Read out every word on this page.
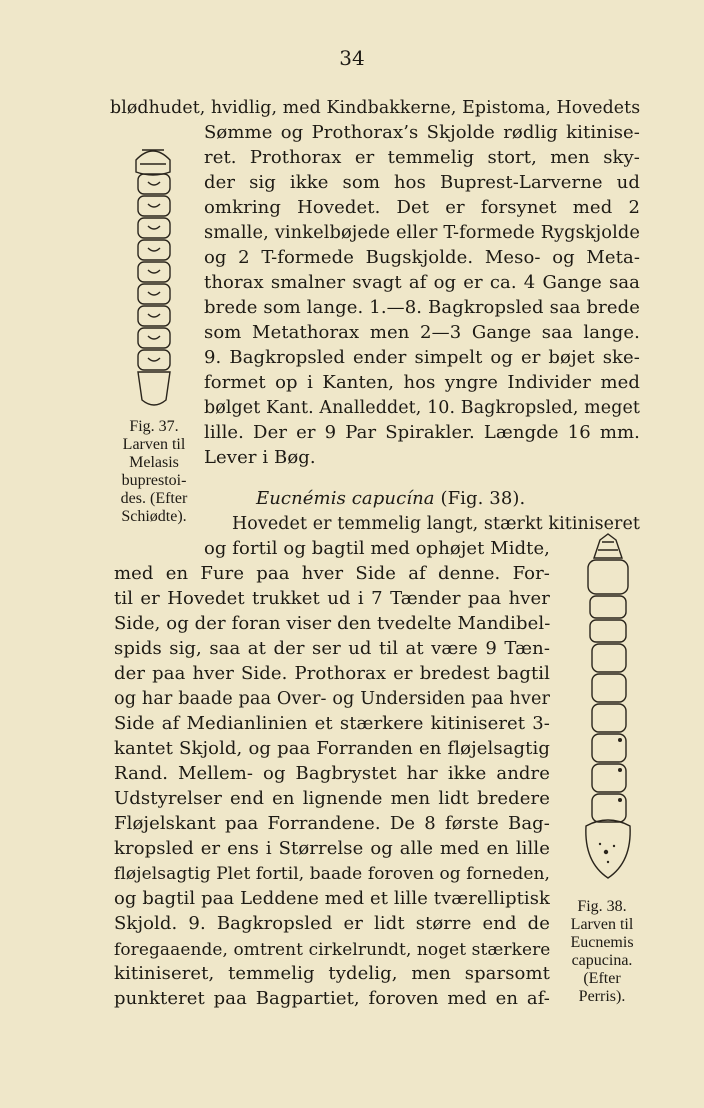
34
Fig. 37.
Larven til
Melasis
buprestoi-
des. (Efter
Schiødte).
Fig. 38.
Larven til
Eucnemis
capucina.
(Efter
Perris).
blødhudet, hvidlig, med Kindbakkerne, Epistoma, Hovedets
Sømme og Prothorax’s Skjolde rødlig kitinise-
ret. Prothorax er temmelig stort, men sky-
der sig ikke som hos Buprest-Larverne ud
omkring Hovedet. Det er forsynet med 2
smalle, vinkelbøjede eller T-formede Rygskjolde
og 2 T-formede Bugskjolde. Meso- og Meta-
thorax smalner svagt af og er ca. 4 Gange saa
brede som lange. 1.—8. Bagkropsled saa brede
som Metathorax men 2—3 Gange saa lange.
9. Bagkropsled ender simpelt og er bøjet ske-
formet op i Kanten, hos yngre Individer med
bølget Kant. Analleddet, 10. Bagkropsled, meget
lille. Der er 9 Par Spirakler. Længde 16 mm.
Lever i Bøg.
Eucnémis capucína (Fig. 38).
Hovedet er temmelig langt, stærkt kitiniseret
og fortil og bagtil med ophøjet Midte,
med en Fure paa hver Side af denne. For-
til er Hovedet trukket ud i 7 Tænder paa hver
Side, og der foran viser den tvedelte Mandibel-
spids sig, saa at der ser ud til at være 9 Tæn-
der paa hver Side. Prothorax er bredest bagtil
og har baade paa Over- og Undersiden paa hver
Side af Medianlinien et stærkere kitiniseret 3-
kantet Skjold, og paa Forranden en fløjelsagtig
Rand. Mellem- og Bagbrystet har ikke andre
Udstyrelser end en lignende men lidt bredere
Fløjelskant paa Forrandene. De 8 første Bag-
kropsled er ens i Størrelse og alle med en lille
fløjelsagtig Plet fortil, baade foroven og forneden,
og bagtil paa Leddene med et lille tværelliptisk
Skjold. 9. Bagkropsled er lidt større end de
foregaaende, omtrent cirkelrundt, noget stærkere
kitiniseret, temmelig tydelig, men sparsomt
punkteret paa Bagpartiet, foroven med en af-
